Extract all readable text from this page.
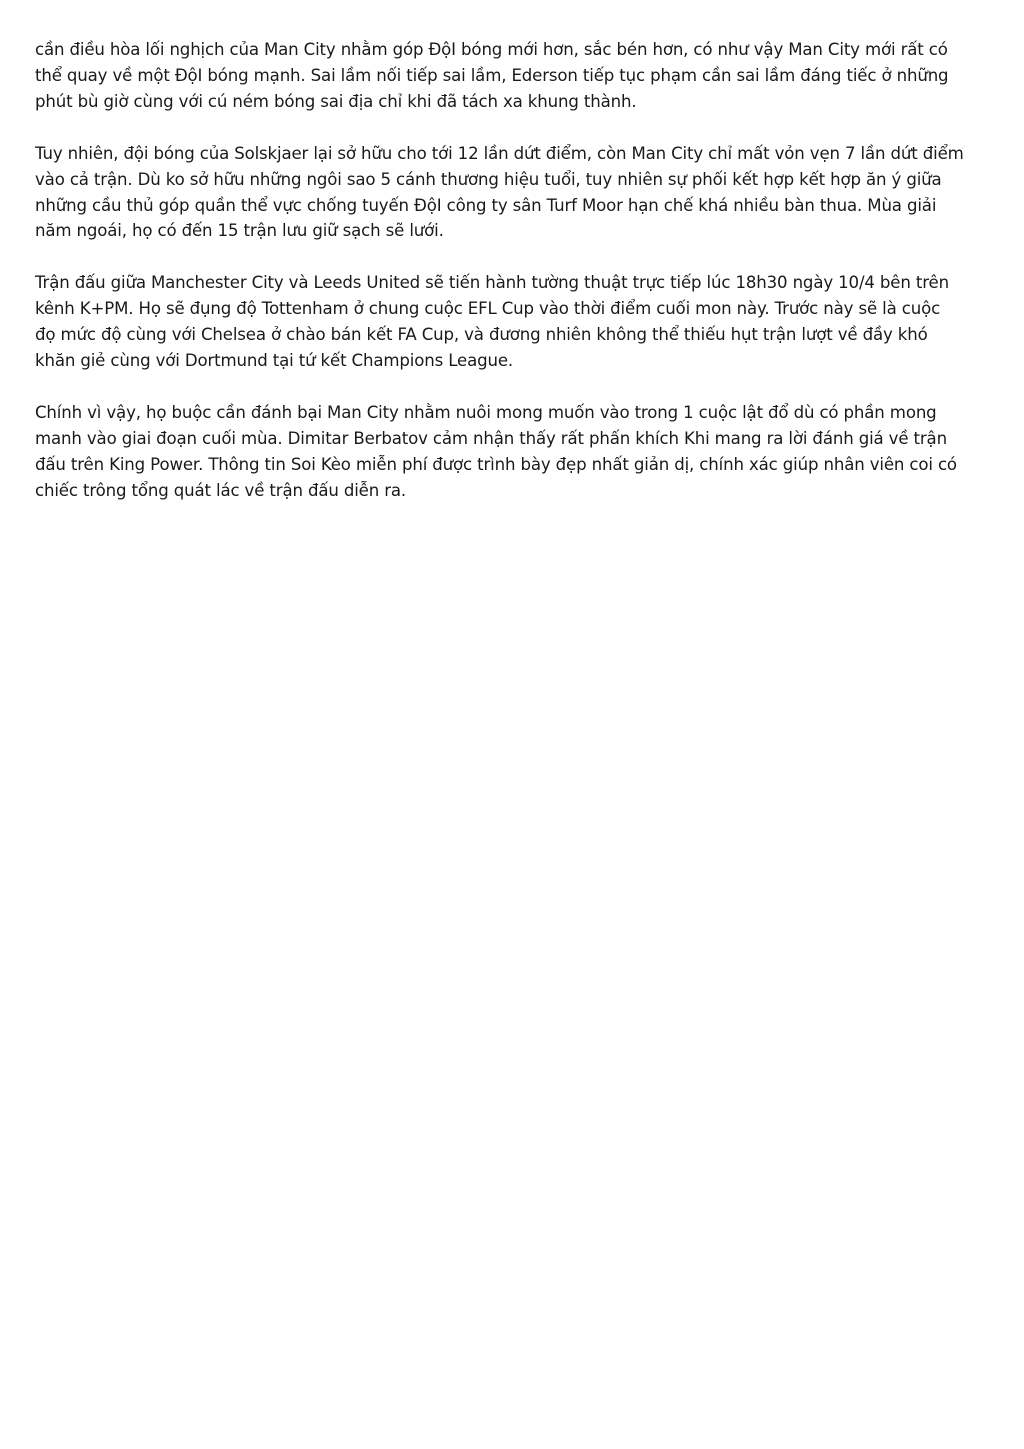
cần điều hòa lối nghịch của Man City nhằm góp ĐộI bóng mới hơn, sắc bén hơn, có như vậy Man City mới rất có
thể quay về một ĐộI bóng mạnh. Sai lầm nối tiếp sai lầm, Ederson tiếp tục phạm cần sai lầm đáng tiếc ở những
phút bù giờ cùng với cú ném bóng sai địa chỉ khi đã tách xa khung thành.

Tuy nhiên, đội bóng của Solskjaer lại sở hữu cho tới 12 lần dứt điểm, còn Man City chỉ mất vỏn vẹn 7 lần dứt điểm
vào cả trận. Dù ko sở hữu những ngôi sao 5 cánh thương hiệu tuổi, tuy nhiên sự phối kết hợp kết hợp ăn ý giữa
những cầu thủ góp quần thể vực chống tuyến ĐộI công ty sân Turf Moor hạn chế khá nhiều bàn thua. Mùa giải
năm ngoái, họ có đến 15 trận lưu giữ sạch sẽ lưới.

Trận đấu giữa Manchester City và Leeds United sẽ tiến hành tường thuật trực tiếp lúc 18h30 ngày 10/4 bên trên
kênh K+PM. Họ sẽ đụng độ Tottenham ở chung cuộc EFL Cup vào thời điểm cuối mon này. Trước này sẽ là cuộc
đọ mức độ cùng với Chelsea ở chào bán kết FA Cup, và đương nhiên không thể thiếu hụt trận lượt về đầy khó
khăn giẻ cùng với Dortmund tại tứ kết Champions League.

Chính vì vậy, họ buộc cần đánh bại Man City nhằm nuôi mong muốn vào trong 1 cuộc lật đổ dù có phần mong
manh vào giai đoạn cuối mùa. Dimitar Berbatov cảm nhận thấy rất phấn khích Khi mang ra lời đánh giá về trận
đấu trên King Power. Thông tin Soi Kèo miễn phí được trình bày đẹp nhất giản dị, chính xác giúp nhân viên coi có
chiếc trông tổng quát lác về trận đấu diễn ra.
